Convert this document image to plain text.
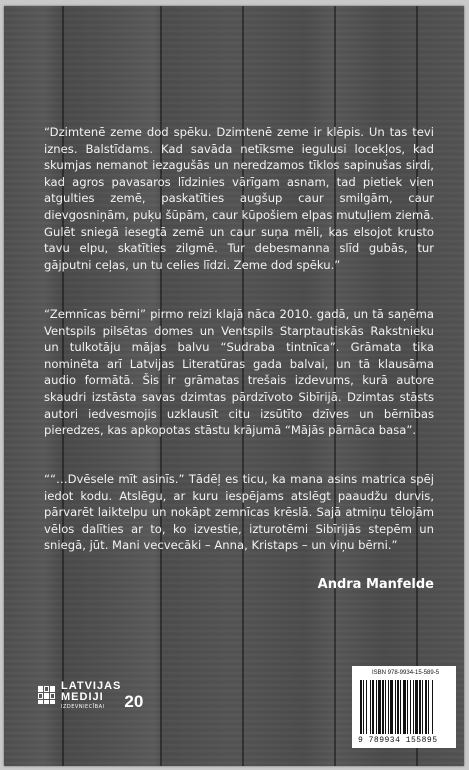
“Dzimtenē zeme dod spēku. Dzimtenē zeme ir klēpis. Un tas tevi iznes. Balstīdams. Kad savāda netīksme iegulusi locekļos, kad skumjas nemanot iezagušās un neredzamos tīklos sapinušas sirdi, kad agros pavasaros līdzinies vārīgam asnam, tad pietiek vien atgulties zemē, paskatīties augšup caur smilgām, caur dievgosniņām, puķu šūpām, caur kūpošiem elpas mutuļiem ziemā. Gulēt sniegā iesegtā zemē un caur suņa mēli, kas elsojot krusto tavu elpu, skatīties zilgmē. Tur debesmanna slīd gubās, tur gājputni ceļas, un tu celies līdzi. Zeme dod spēku.”

“Zemnīcas bērni” pirmo reizi klajā nāca 2010. gadā, un tā saņēma Ventspils pilsētas domes un Ventspils Starptautiskās Rakstnieku un tulkotāju mājas balvu “Sudraba tintnīca”. Grāmata tika nominēta arī Latvijas Literatūras gada balvai, un tā klausāma audio formātā. Šis ir grāmatas trešais izdevums, kurā autore skaudri izstāsta savas dzimtas pārdzīvoto Sibīrijā. Dzimtas stāsts autori iedvesmojis uzklausīt citu izsūtīto dzīves un bērnības pieredzes, kas apkopotas stāstu krājumā “Mājās pārnāca basa”.

““…Dvēsele mīt asinīs.” Tādēļ es ticu, ka mana asins matrica spēj iedot kodu. Atslēgu, ar kuru iespējams atslēgt paaudžu durvis, pārvarēt laiktelpu un nokāpt zemnīcas krēslā. Sajā atmiņu tēlojām vēlos dalīties ar to, ko izvestie, izturotēmi Sibīrijās stepēm un sniegā, jūt. Mani vecvecāki – Anna, Kristaps – un viņu bērni.”

Andra Manfelde

LATVIJAS
MEDIJI
IZDEVNIECĪBAI	20

ISBN 978-9934-15-589-5

9 789934 155895
